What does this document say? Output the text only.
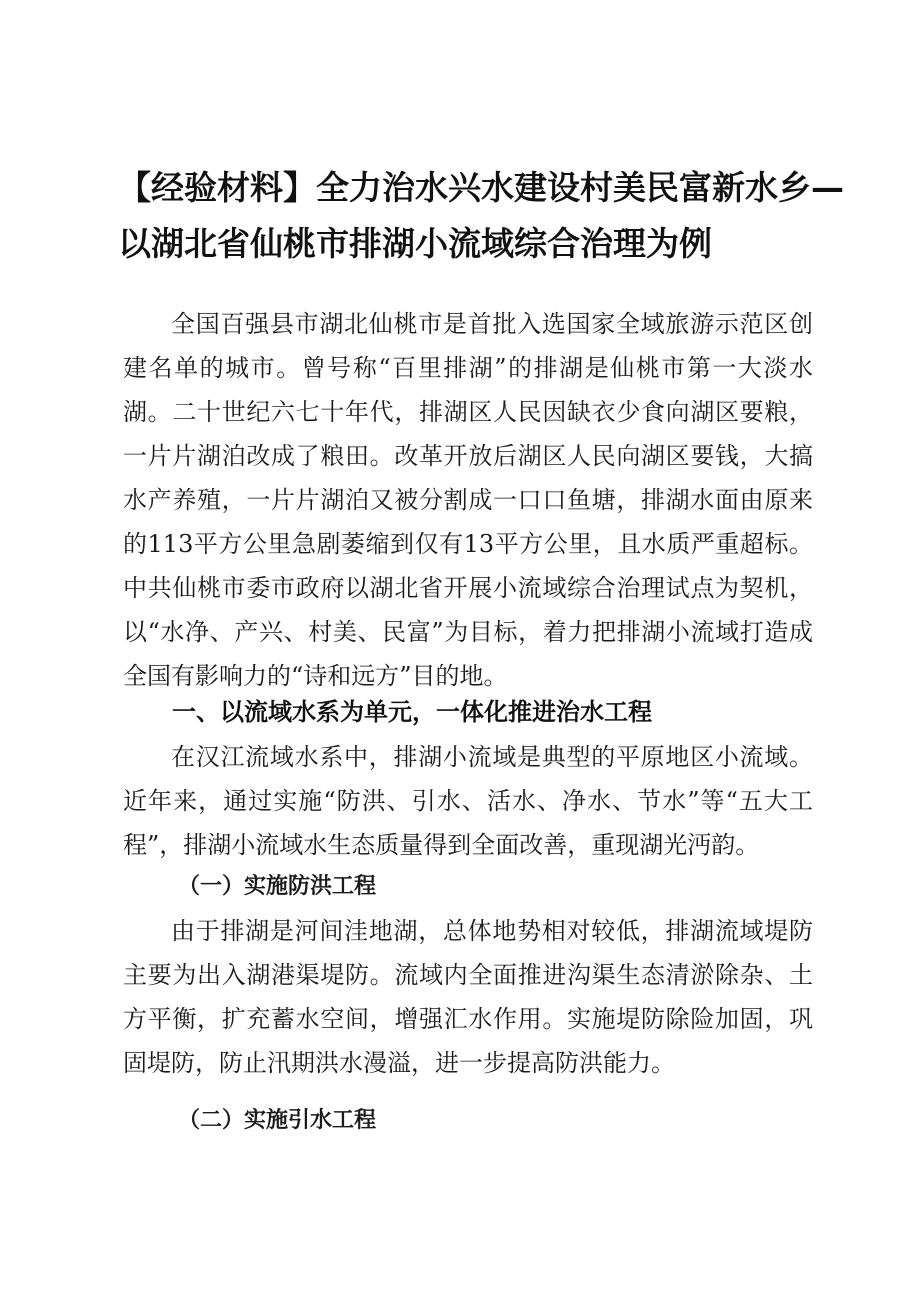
【经验材料】全力治水兴水建设村美民富新水乡—
以湖北省仙桃市排湖小流域综合治理为例

全国百强县市湖北仙桃市是首批入选国家全域旅游示范区创建名单的城市。曾号称“百里排湖”的排湖是仙桃市第一大淡水湖。二十世纪六七十年代，排湖区人民因缺衣少食向湖区要粮，一片片湖泊改成了粮田。改革开放后湖区人民向湖区要钱，大搞水产养殖，一片片湖泊又被分割成一口口鱼塘，排湖水面由原来的113平方公里急剧萎缩到仅有13平方公里，且水质严重超标。中共仙桃市委市政府以湖北省开展小流域综合治理试点为契机，以“水净、产兴、村美、民富”为目标，着力把排湖小流域打造成全国有影响力的“诗和远方”目的地。

一、以流域水系为单元，一体化推进治水工程

在汉江流域水系中，排湖小流域是典型的平原地区小流域。近年来，通过实施“防洪、引水、活水、净水、节水”等“五大工程”，排湖小流域水生态质量得到全面改善，重现湖光沔韵。

（一）实施防洪工程

由于排湖是河间洼地湖，总体地势相对较低，排湖流域堤防主要为出入湖港渠堤防。流域内全面推进沟渠生态清淤除杂、土方平衡，扩充蓄水空间，增强汇水作用。实施堤防除险加固，巩固堤防，防止汛期洪水漫溢，进一步提高防洪能力。

（二）实施引水工程
